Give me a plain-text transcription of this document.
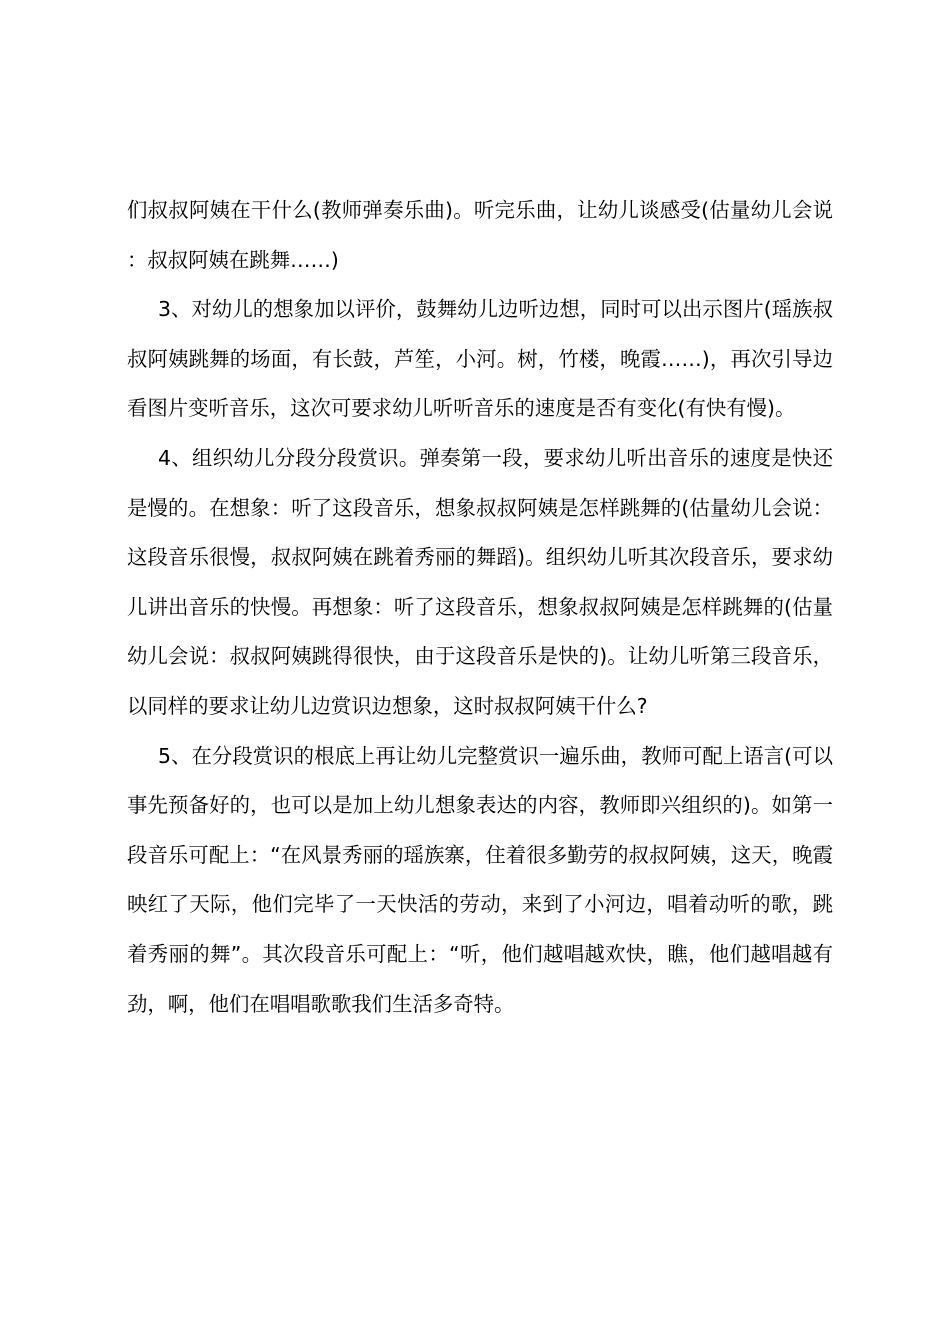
们叔叔阿姨在干什么(教师弹奏乐曲)。听完乐曲，让幼儿谈感受(估量幼儿会说：叔叔阿姨在跳舞……)

3、对幼儿的想象加以评价，鼓舞幼儿边听边想，同时可以出示图片(瑶族叔叔阿姨跳舞的场面，有长鼓，芦笙，小河。树，竹楼，晚霞……)，再次引导边看图片变听音乐，这次可要求幼儿听听音乐的速度是否有变化(有快有慢)。

4、组织幼儿分段分段赏识。弹奏第一段，要求幼儿听出音乐的速度是快还是慢的。在想象：听了这段音乐，想象叔叔阿姨是怎样跳舞的(估量幼儿会说：这段音乐很慢，叔叔阿姨在跳着秀丽的舞蹈)。组织幼儿听其次段音乐，要求幼儿讲出音乐的快慢。再想象：听了这段音乐，想象叔叔阿姨是怎样跳舞的(估量幼儿会说：叔叔阿姨跳得很快，由于这段音乐是快的)。让幼儿听第三段音乐，以同样的要求让幼儿边赏识边想象，这时叔叔阿姨干什么?

5、在分段赏识的根底上再让幼儿完整赏识一遍乐曲，教师可配上语言(可以事先预备好的，也可以是加上幼儿想象表达的内容，教师即兴组织的)。如第一段音乐可配上：“在风景秀丽的瑶族寨，住着很多勤劳的叔叔阿姨，这天，晚霞映红了天际，他们完毕了一天快活的劳动，来到了小河边，唱着动听的歌，跳着秀丽的舞”。其次段音乐可配上：“听，他们越唱越欢快，瞧，他们越唱越有劲，啊，他们在唱唱歌歌我们生活多奇特。
